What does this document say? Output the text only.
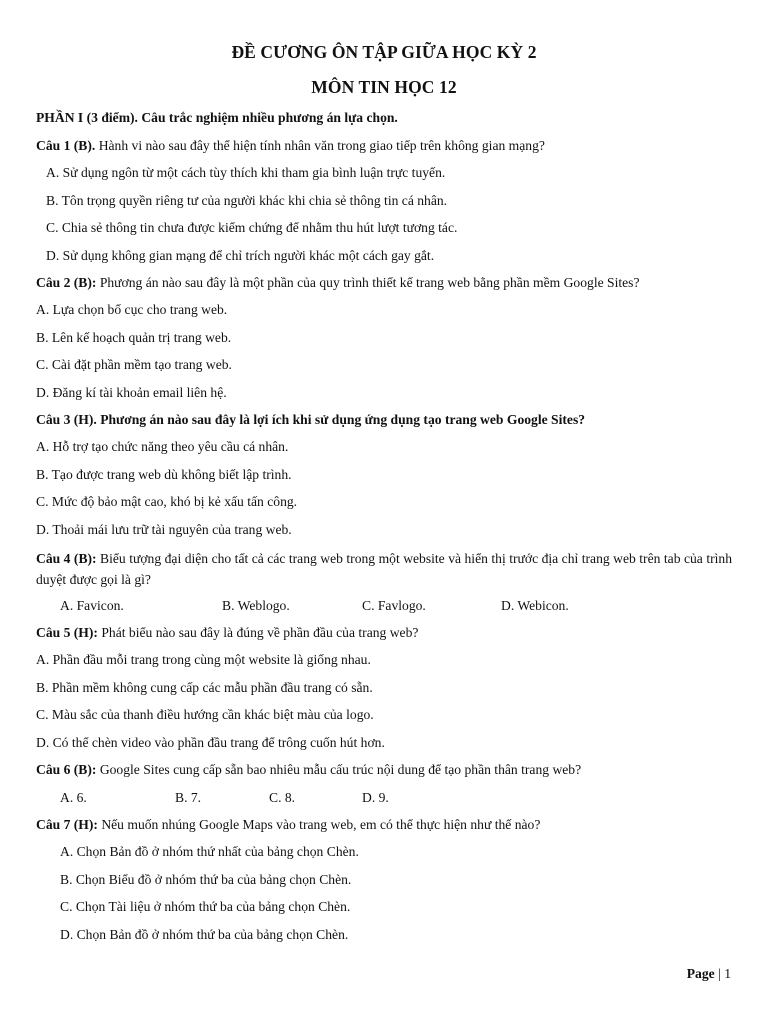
ĐỀ CƯƠNG ÔN TẬP GIỮA HỌC KỲ 2
MÔN TIN HỌC 12
PHẦN I (3 điểm). Câu trắc nghiệm nhiều phương án lựa chọn.
Câu 1 (B). Hành vi nào sau đây thể hiện tính nhân văn trong giao tiếp trên không gian mạng?
A. Sử dụng ngôn từ một cách tùy thích khi tham gia bình luận trực tuyến.
B. Tôn trọng quyền riêng tư của người khác khi chia sẻ thông tin cá nhân.
C. Chia sẻ thông tin chưa được kiểm chứng để nhằm thu hút lượt tương tác.
D. Sử dụng không gian mạng để chỉ trích người khác một cách gay gắt.
Câu 2 (B): Phương án nào sau đây là một phần của quy trình thiết kế trang web bằng phần mềm Google Sites?
A. Lựa chọn bố cục cho trang web.
B. Lên kế hoạch quản trị trang web.
C. Cài đặt phần mềm tạo trang web.
D. Đăng kí tài khoản email liên hệ.
Câu 3 (H). Phương án nào sau đây là lợi ích khi sử dụng ứng dụng tạo trang web Google Sites?
A. Hỗ trợ tạo chức năng theo yêu cầu cá nhân.
B. Tạo được trang web dù không biết lập trình.
C. Mức độ bảo mật cao, khó bị kẻ xấu tấn công.
D. Thoải mái lưu trữ tài nguyên của trang web.
Câu 4 (B): Biểu tượng đại diện cho tất cả các trang web trong một website và hiển thị trước địa chỉ trang web trên tab của trình duyệt được gọi là gì?
A. Favicon.	B. Weblogo.	C. Favlogo.	D. Webicon.
Câu 5 (H): Phát biểu nào sau đây là đúng về phần đầu của trang web?
A. Phần đầu mỗi trang trong cùng một website là giống nhau.
B. Phần mềm không cung cấp các mẫu phần đầu trang có sẵn.
C. Màu sắc của thanh điều hướng cần khác biệt màu của logo.
D. Có thể chèn video vào phần đầu trang để trông cuốn hút hơn.
Câu 6 (B): Google Sites cung cấp sẵn bao nhiêu mẫu cấu trúc nội dung để tạo phần thân trang web?
A. 6.	B. 7.	C. 8.	D. 9.
Câu 7 (H): Nếu muốn nhúng Google Maps vào trang web, em có thể thực hiện như thế nào?
A. Chọn Bản đồ ở nhóm thứ nhất của bảng chọn Chèn.
B. Chọn Biểu đồ ở nhóm thứ ba của bảng chọn Chèn.
C. Chọn Tài liệu ở nhóm thứ ba của bảng chọn Chèn.
D. Chọn Bản đồ ở nhóm thứ ba của bảng chọn Chèn.
Page | 1
